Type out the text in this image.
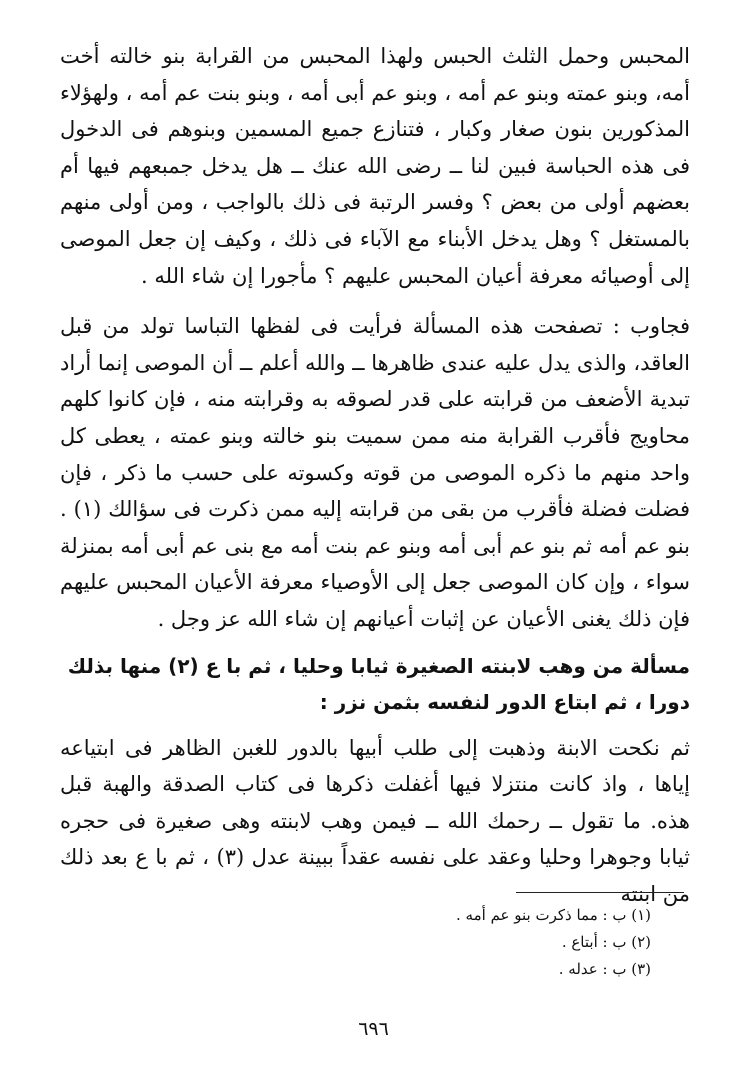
المحبس وحمل الثلث الحبس ولهذا المحبس من القرابة بنو خالته أخت أمه، وبنو عمته وبنو عم أمه ، وبنو عم أبى أمه ، وبنو بنت عم أمه ، ولهؤلاء المذكورين بنون صغار وكبار ، فتنازع جميع المسمين وبنوهم فى الدخول فى هذه الحباسة فبين لنا ــ رضى الله عنك ــ هل يدخل جمبعهم فيها أم بعضهم أولى من بعض ؟ وفسر الرتبة فى ذلك بالواجب ، ومن أولى منهم بالمستغل ؟ وهل يدخل الأبناء مع الآباء فى ذلك ، وكيف إن جعل الموصى إلى أوصيائه معرفة أعيان المحبس عليهم ؟ مأجورا إن شاء الله .

فجاوب : تصفحت هذه المسألة فرأيت فى لفظها التباسا تولد من قبل العاقد، والذى يدل عليه عندى ظاهرها ــ والله أعلم ــ أن الموصى إنما أراد تبدية الأضعف من قرابته على قدر لصوقه به وقرابته منه ، فإن كانوا كلهم محاويج فأقرب القرابة منه ممن سميت بنو خالته وبنو عمته ، يعطى كل واحد منهم ما ذكره الموصى من قوته وكسوته على حسب ما ذكر ، فإن فضلت فضلة فأقرب من بقى من قرابته إليه ممن ذكرت فى سؤالك (١) . بنو عم أمه ثم بنو عم أبى أمه وبنو عم بنت أمه مع بنى عم أبى أمه بمنزلة سواء ، وإن كان الموصى جعل إلى الأوصياء معرفة الأعيان المحبس عليهم فإن ذلك يغنى الأعيان عن إثبات أعيانهم إن شاء الله عز وجل .

مسألة من وهب لابنته الصغيرة ثيابا وحليا ، ثم با ع (٢) منها بذلك دورا ، ثم ابتاع الدور لنفسه بثمن نزر :

ثم نكحت الابنة وذهبت إلى طلب أبيها بالدور للغبن الظاهر فى ابتياعه إياها ، واذ كانت منتزلا فيها أغفلت ذكرها فى كتاب الصدقة والهبة قبل هذه. ما تقول ــ رحمك الله ــ فيمن وهب لابنته وهى صغيرة فى حجره ثيابا وجوهرا وحليا وعقد على نفسه عقداً ببينة عدل (٣) ، ثم با ع بعد ذلك من ابنته

(١) ب : مما ذكرت بنو عم أمه .
(٢) ب : أبتاع .
(٣) ب : عدله .
٦٩٦
